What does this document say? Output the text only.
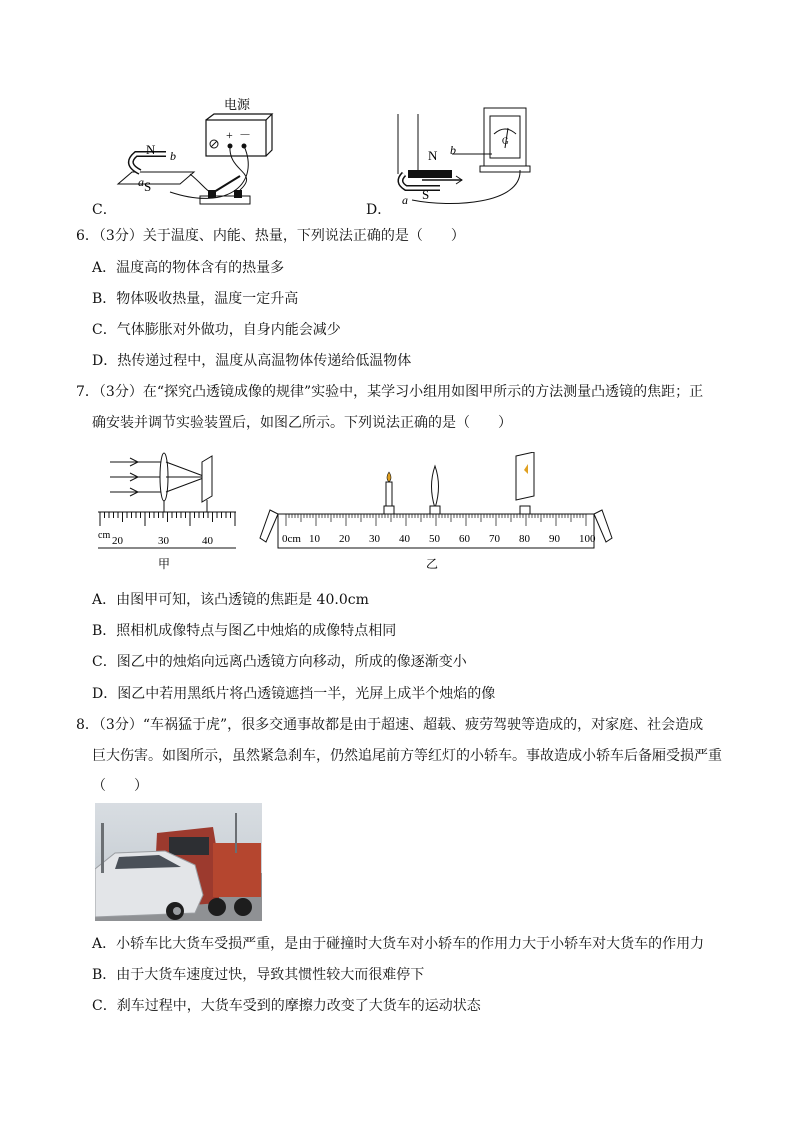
C．	D．
电源
+ －
N
S
b
a
G
N
S
b
a
6．（3分）关于温度、内能、热量，下列说法正确的是（　　）
A．温度高的物体含有的热量多
B．物体吸收热量，温度一定升高
C．气体膨胀对外做功，自身内能会减少
D．热传递过程中，温度从高温物体传递给低温物体
7．（3分）在“探究凸透镜成像的规律”实验中，某学习小组用如图甲所示的方法测量凸透镜的焦距；正
确安装并调节实验装置后，如图乙所示。下列说法正确的是（　　）
cm 20	30	40
甲
0cm 10 20 30 40 50 60 70 80 90 100
乙
A．由图甲可知，该凸透镜的焦距是 40.0cm
B．照相机成像特点与图乙中烛焰的成像特点相同
C．图乙中的烛焰向远离凸透镜方向移动，所成的像逐渐变小
D．图乙中若用黑纸片将凸透镜遮挡一半，光屏上成半个烛焰的像
8．（3分）“车祸猛于虎”，很多交通事故都是由于超速、超载、疲劳驾驶等造成的，对家庭、社会造成
巨大伤害。如图所示，虽然紧急刹车，仍然追尾前方等红灯的小轿车。事故造成小轿车后备厢受损严重
（　　）
A．小轿车比大货车受损严重，是由于碰撞时大货车对小轿车的作用力大于小轿车对大货车的作用力
B．由于大货车速度过快，导致其惯性较大而很难停下
C．刹车过程中，大货车受到的摩擦力改变了大货车的运动状态
